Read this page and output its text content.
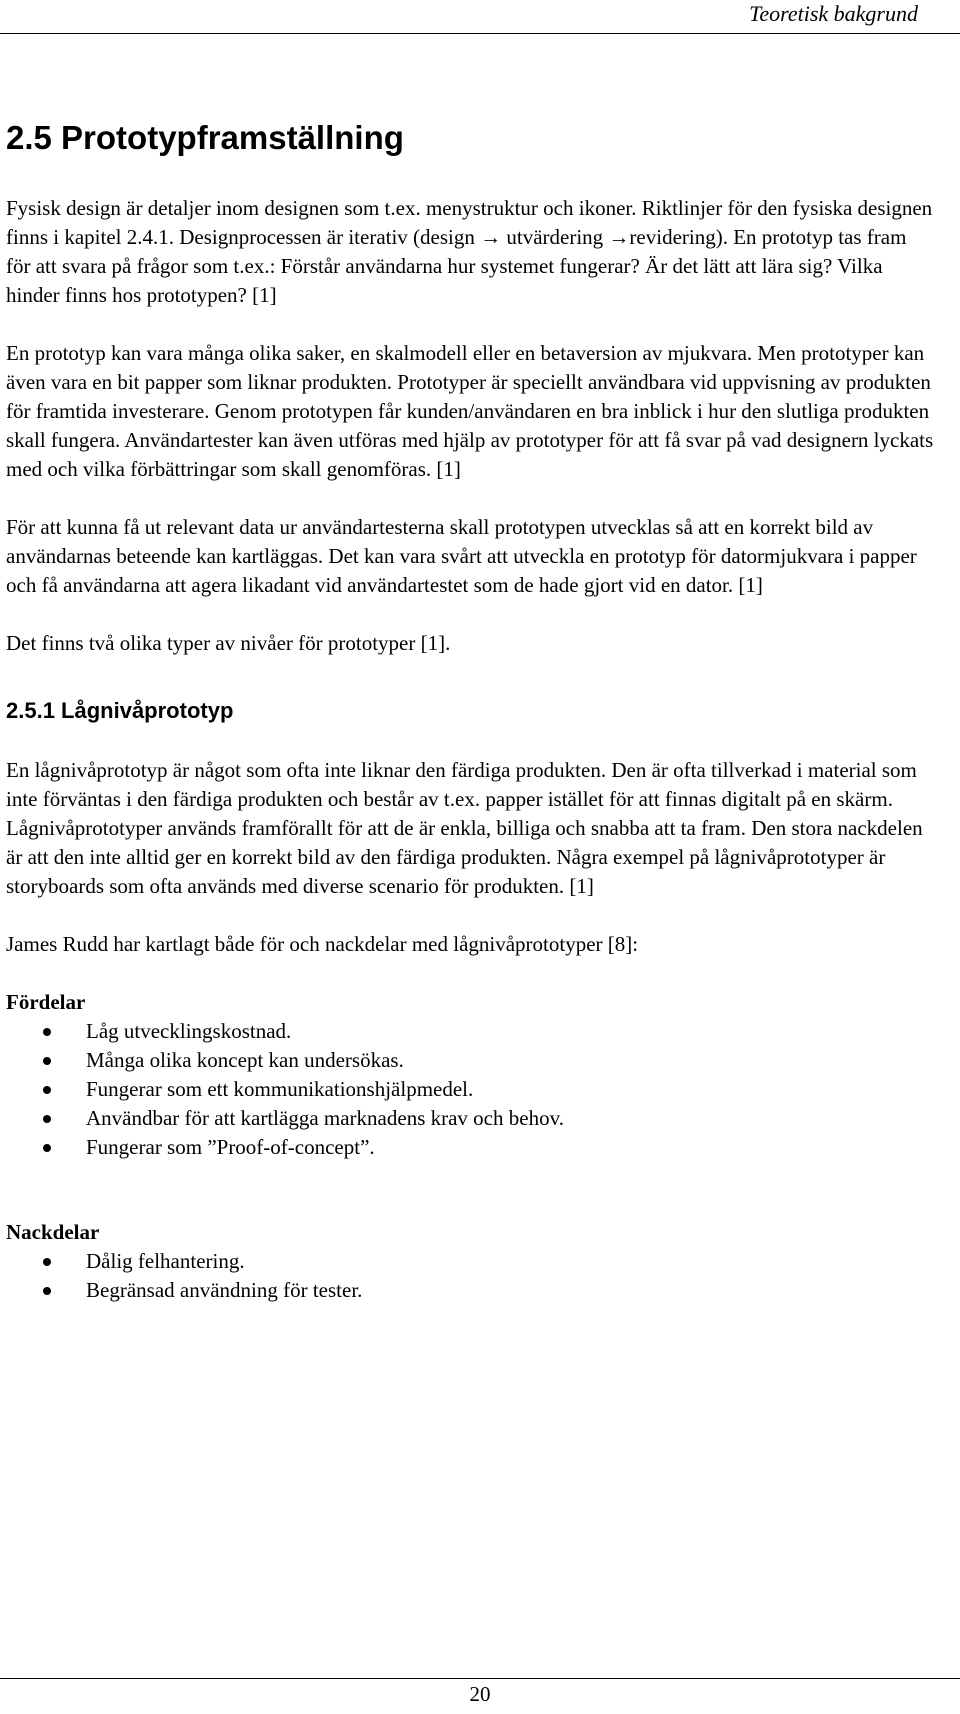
Teoretisk bakgrund
2.5 Prototypframställning

Fysisk design är detaljer inom designen som t.ex. menystruktur och ikoner. Riktlinjer för den fysiska designen finns i kapitel 2.4.1. Designprocessen är iterativ (design → utvärdering →revidering). En prototyp tas fram för att svara på frågor som t.ex.: Förstår användarna hur systemet fungerar? Är det lätt att lära sig? Vilka hinder finns hos prototypen? [1]

En prototyp kan vara många olika saker, en skalmodell eller en betaversion av mjukvara. Men prototyper kan även vara en bit papper som liknar produkten. Prototyper är speciellt användbara vid uppvisning av produkten för framtida investerare. Genom prototypen får kunden/användaren en bra inblick i hur den slutliga produkten skall fungera. Användartester kan även utföras med hjälp av prototyper för att få svar på vad designern lyckats med och vilka förbättringar som skall genomföras. [1]

För att kunna få ut relevant data ur användartesterna skall prototypen utvecklas så att en korrekt bild av användarnas beteende kan kartläggas. Det kan vara svårt att utveckla en prototyp för datormjukvara i papper och få användarna att agera likadant vid användartestet som de hade gjort vid en dator. [1]

Det finns två olika typer av nivåer för prototyper [1].

2.5.1 Lågnivåprototyp

En lågnivåprototyp är något som ofta inte liknar den färdiga produkten. Den är ofta tillverkad i material som inte förväntas i den färdiga produkten och består av t.ex. papper istället för att finnas digitalt på en skärm. Lågnivåprototyper används framförallt för att de är enkla, billiga och snabba att ta fram. Den stora nackdelen är att den inte alltid ger en korrekt bild av den färdiga produkten. Några exempel på lågnivåprototyper är storyboards som ofta används med diverse scenario för produkten. [1]

James Rudd har kartlagt både för och nackdelar med lågnivåprototyper [8]:

Fördelar
Låg utvecklingskostnad.
Många olika koncept kan undersökas.
Fungerar som ett kommunikationshjälpmedel.
Användbar för att kartlägga marknadens krav och behov.
Fungerar som ”Proof-of-concept”.
Nackdelar
Dålig felhantering.
Begränsad användning för tester.
20
